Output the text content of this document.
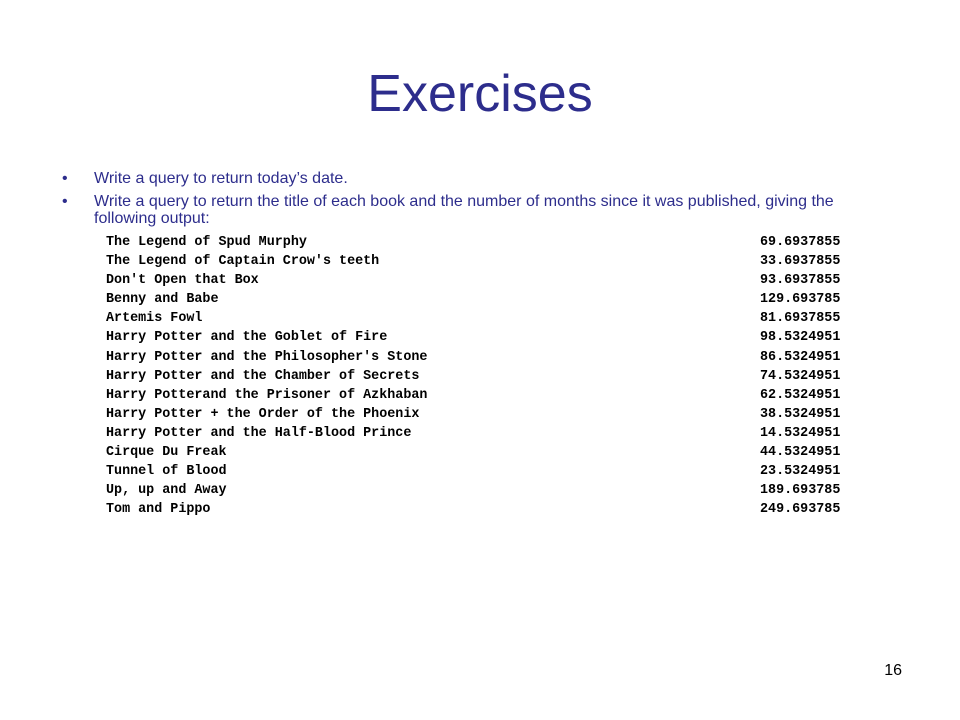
Exercises
• Write a query to return today’s date.
• Write a query to return the title of each book and the number of months since it was published, giving the following output:
The Legend of Spud Murphy	69.6937855
The Legend of Captain Crow's teeth	33.6937855
Don't Open that Box	93.6937855
Benny and Babe	129.693785
Artemis Fowl	81.6937855
Harry Potter and the Goblet of Fire	98.5324951
Harry Potter and the Philosopher's Stone	86.5324951
Harry Potter and the Chamber of Secrets	74.5324951
Harry Potterand the Prisoner of Azkhaban	62.5324951
Harry Potter + the Order of the Phoenix	38.5324951
Harry Potter and the Half-Blood Prince	14.5324951
Cirque Du Freak	44.5324951
Tunnel of Blood	23.5324951
Up, up and Away	189.693785
Tom and Pippo	249.693785
16
